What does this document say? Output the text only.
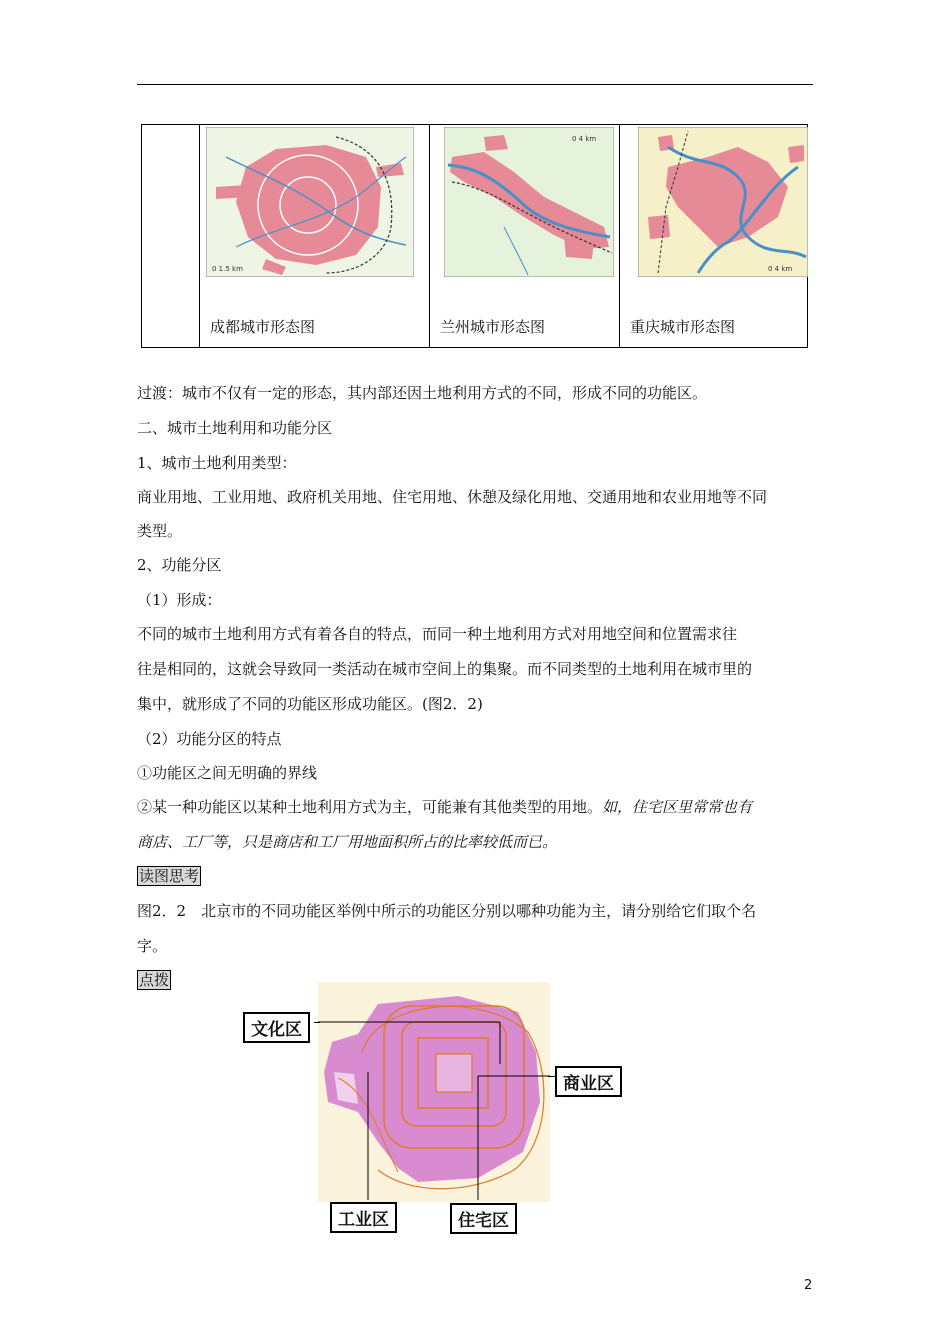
0 1.5 km
成都城市形态图

0 4 km
兰州城市形态图

0 4 km
重庆城市形态图
过渡：城市不仅有一定的形态，其内部还因土地利用方式的不同，形成不同的功能区。
二、城市土地利用和功能分区
1、城市土地利用类型：
商业用地、工业用地、政府机关用地、住宅用地、休憩及绿化用地、交通用地和农业用地等不同
类型。
2、功能分区
（1）形成：
不同的城市土地利用方式有着各自的特点，而同一种土地利用方式对用地空间和位置需求往
往是相同的，这就会导致同一类活动在城市空间上的集聚。而不同类型的土地利用在城市里的
集中，就形成了不同的功能区形成功能区。(图2．2)
（2）功能分区的特点
①功能区之间无明确的界线
②某一种功能区以某种土地利用方式为主，可能兼有其他类型的用地。如，住宅区里常常也有
商店、工厂等，只是商店和工厂用地面积所占的比率较低而已。
读图思考
图2．2　北京市的不同功能区举例中所示的功能区分别以哪种功能为主，请分别给它们取个名
字。
点拨
文化区
商业区
工业区	住宅区
2
